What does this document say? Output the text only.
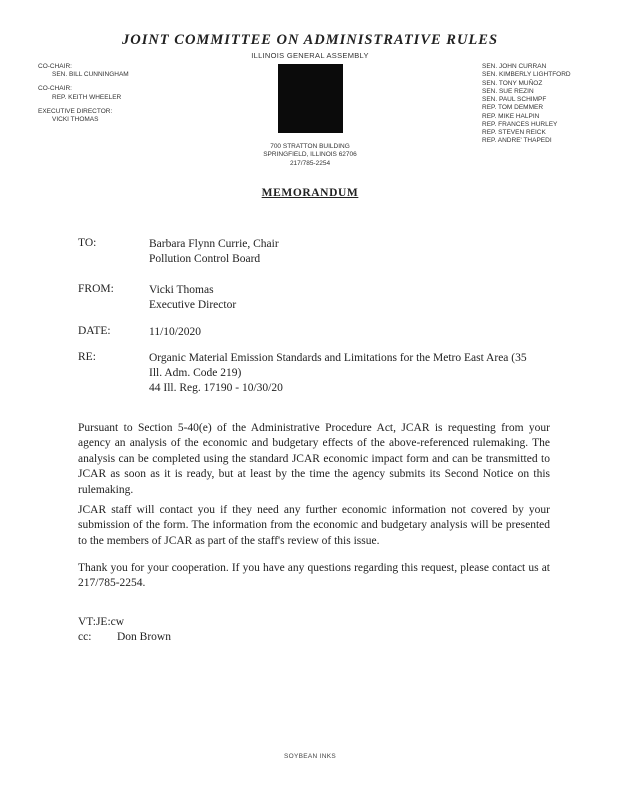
JOINT COMMITTEE ON ADMINISTRATIVE RULES
ILLINOIS GENERAL ASSEMBLY
CO-CHAIR:
SEN. BILL CUNNINGHAM
CO-CHAIR:
REP. KEITH WHEELER
EXECUTIVE DIRECTOR:
VICKI THOMAS
SEN. JOHN CURRAN
SEN. KIMBERLY LIGHTFORD
SEN. TONY MUÑOZ
SEN. SUE REZIN
SEN. PAUL SCHIMPF
REP. TOM DEMMER
REP. MIKE HALPIN
REP. FRANCES HURLEY
REP. STEVEN REICK
REP. ANDRE' THAPEDI
700 STRATTON BUILDING
SPRINGFIELD, ILLINOIS 62706
217/785-2254
MEMORANDUM
TO:	Barbara Flynn Currie, Chair
Pollution Control Board
FROM:	Vicki Thomas
Executive Director
DATE:	11/10/2020
RE:	Organic Material Emission Standards and Limitations for the Metro East Area (35
Ill. Adm. Code 219)
44 Ill. Reg. 17190 - 10/30/20

Pursuant to Section 5-40(e) of the Administrative Procedure Act, JCAR is requesting from your agency an analysis of the economic and budgetary effects of the above-referenced rulemaking. The analysis can be completed using the standard JCAR economic impact form and can be transmitted to JCAR as soon as it is ready, but at least by the time the agency submits its Second Notice on this rulemaking.

JCAR staff will contact you if they need any further economic information not covered by your submission of the form. The information from the economic and budgetary analysis will be presented to the members of JCAR as part of the staff's review of this issue.

Thank you for your cooperation. If you have any questions regarding this request, please contact us at 217/785-2254.

VT:JE:cw
cc: Don Brown
SOYBEAN INKS
